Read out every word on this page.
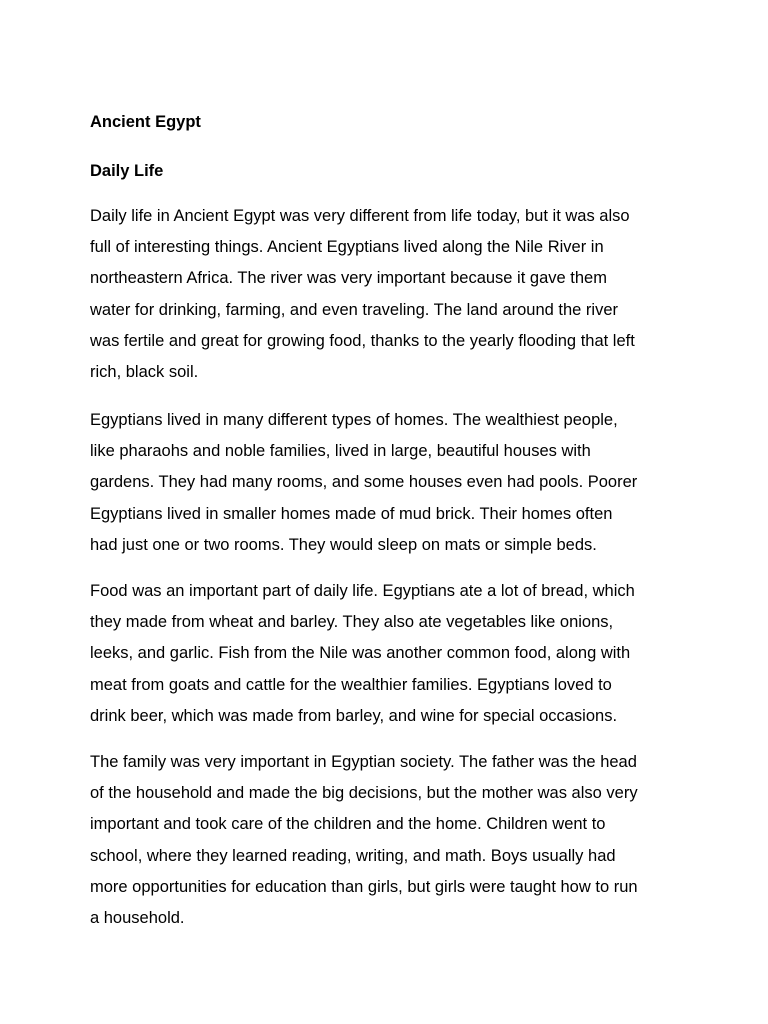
Ancient Egypt
Daily Life

Daily life in Ancient Egypt was very different from life today, but it was also
full of interesting things. Ancient Egyptians lived along the Nile River in
northeastern Africa. The river was very important because it gave them
water for drinking, farming, and even traveling. The land around the river
was fertile and great for growing food, thanks to the yearly flooding that left
rich, black soil.

Egyptians lived in many different types of homes. The wealthiest people,
like pharaohs and noble families, lived in large, beautiful houses with
gardens. They had many rooms, and some houses even had pools. Poorer
Egyptians lived in smaller homes made of mud brick. Their homes often
had just one or two rooms. They would sleep on mats or simple beds.

Food was an important part of daily life. Egyptians ate a lot of bread, which
they made from wheat and barley. They also ate vegetables like onions,
leeks, and garlic. Fish from the Nile was another common food, along with
meat from goats and cattle for the wealthier families. Egyptians loved to
drink beer, which was made from barley, and wine for special occasions.

The family was very important in Egyptian society. The father was the head
of the household and made the big decisions, but the mother was also very
important and took care of the children and the home. Children went to
school, where they learned reading, writing, and math. Boys usually had
more opportunities for education than girls, but girls were taught how to run
a household.
